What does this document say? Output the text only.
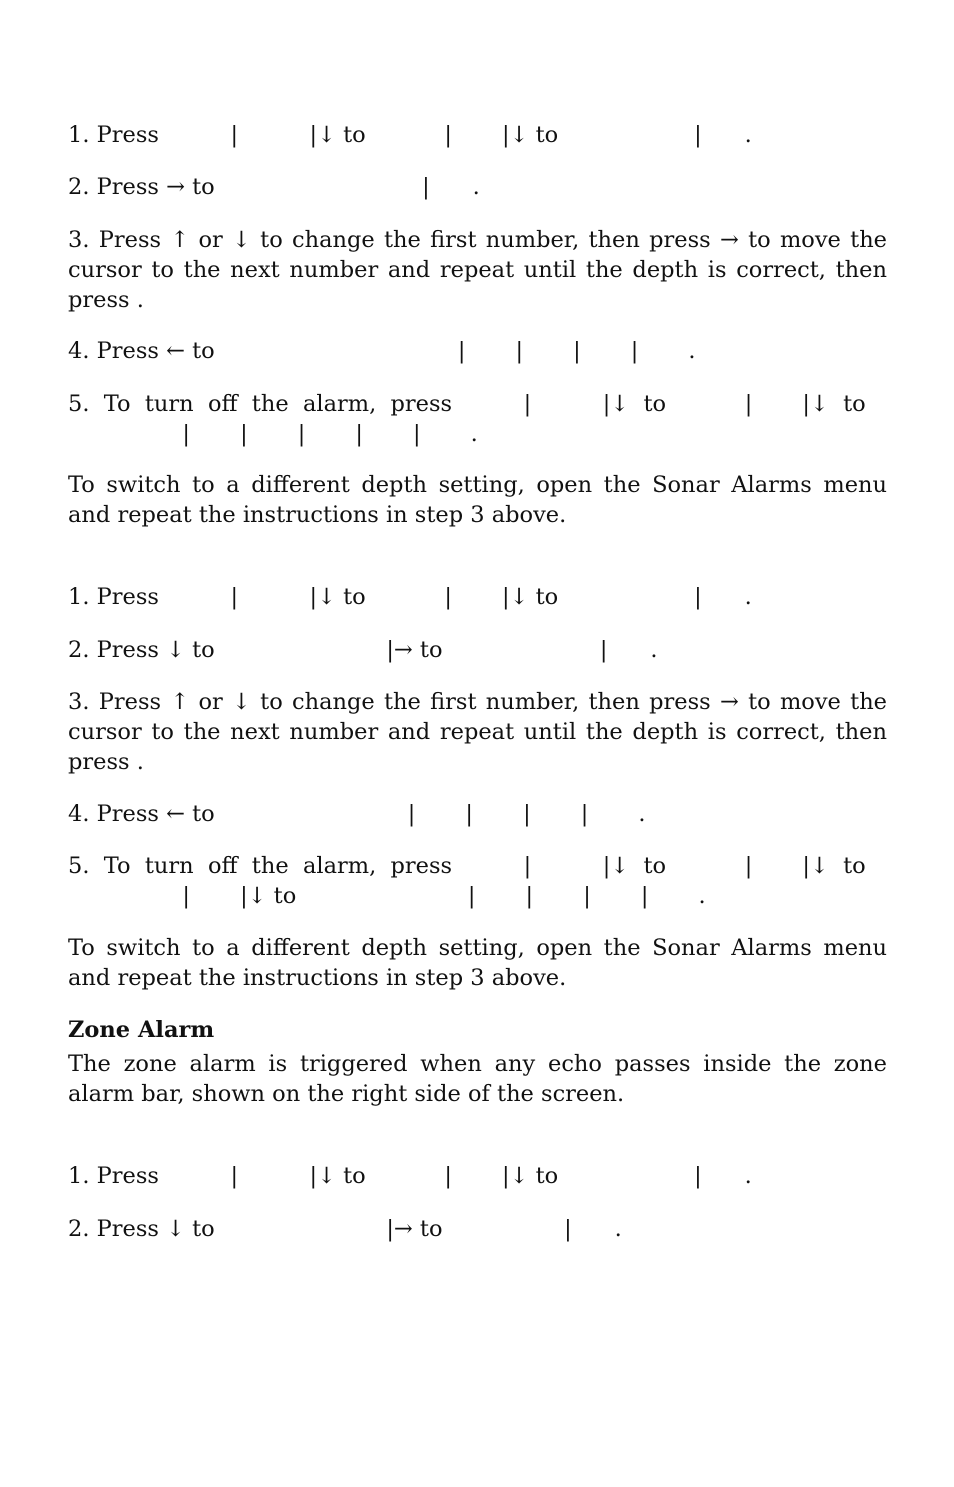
1. Press          |          |↓ to           |       |↓ to                   |      .
2. Press → to                             |      .
3. Press ↑ or ↓ to change the first number, then press → to move the cursor to the next number and repeat until the depth is correct, then press .
4. Press ← to                                  |       |       |       |       .
5.  To  turn  off  the  alarm,  press          |          |↓  to           |       |↓  to
|       |       |       |       |       .
To switch to a different depth setting, open the Sonar Alarms menu and repeat the instructions in step 3 above.
1. Press          |          |↓ to           |       |↓ to                   |      .
2. Press ↓ to                        |→ to                      |      .
3. Press ↑ or ↓ to change the first number, then press → to move the cursor to the next number and repeat until the depth is correct, then press .
4. Press ← to                           |       |       |       |       .
5.  To  turn  off  the  alarm,  press          |          |↓  to           |       |↓  to
|       |↓ to                        |       |       |       |       .
To switch to a different depth setting, open the Sonar Alarms menu and repeat the instructions in step 3 above.
Zone Alarm
The zone alarm is triggered when any echo passes inside the zone alarm bar, shown on the right side of the screen.
1. Press          |          |↓ to           |       |↓ to                   |      .
2. Press ↓ to                        |→ to                 |      .
